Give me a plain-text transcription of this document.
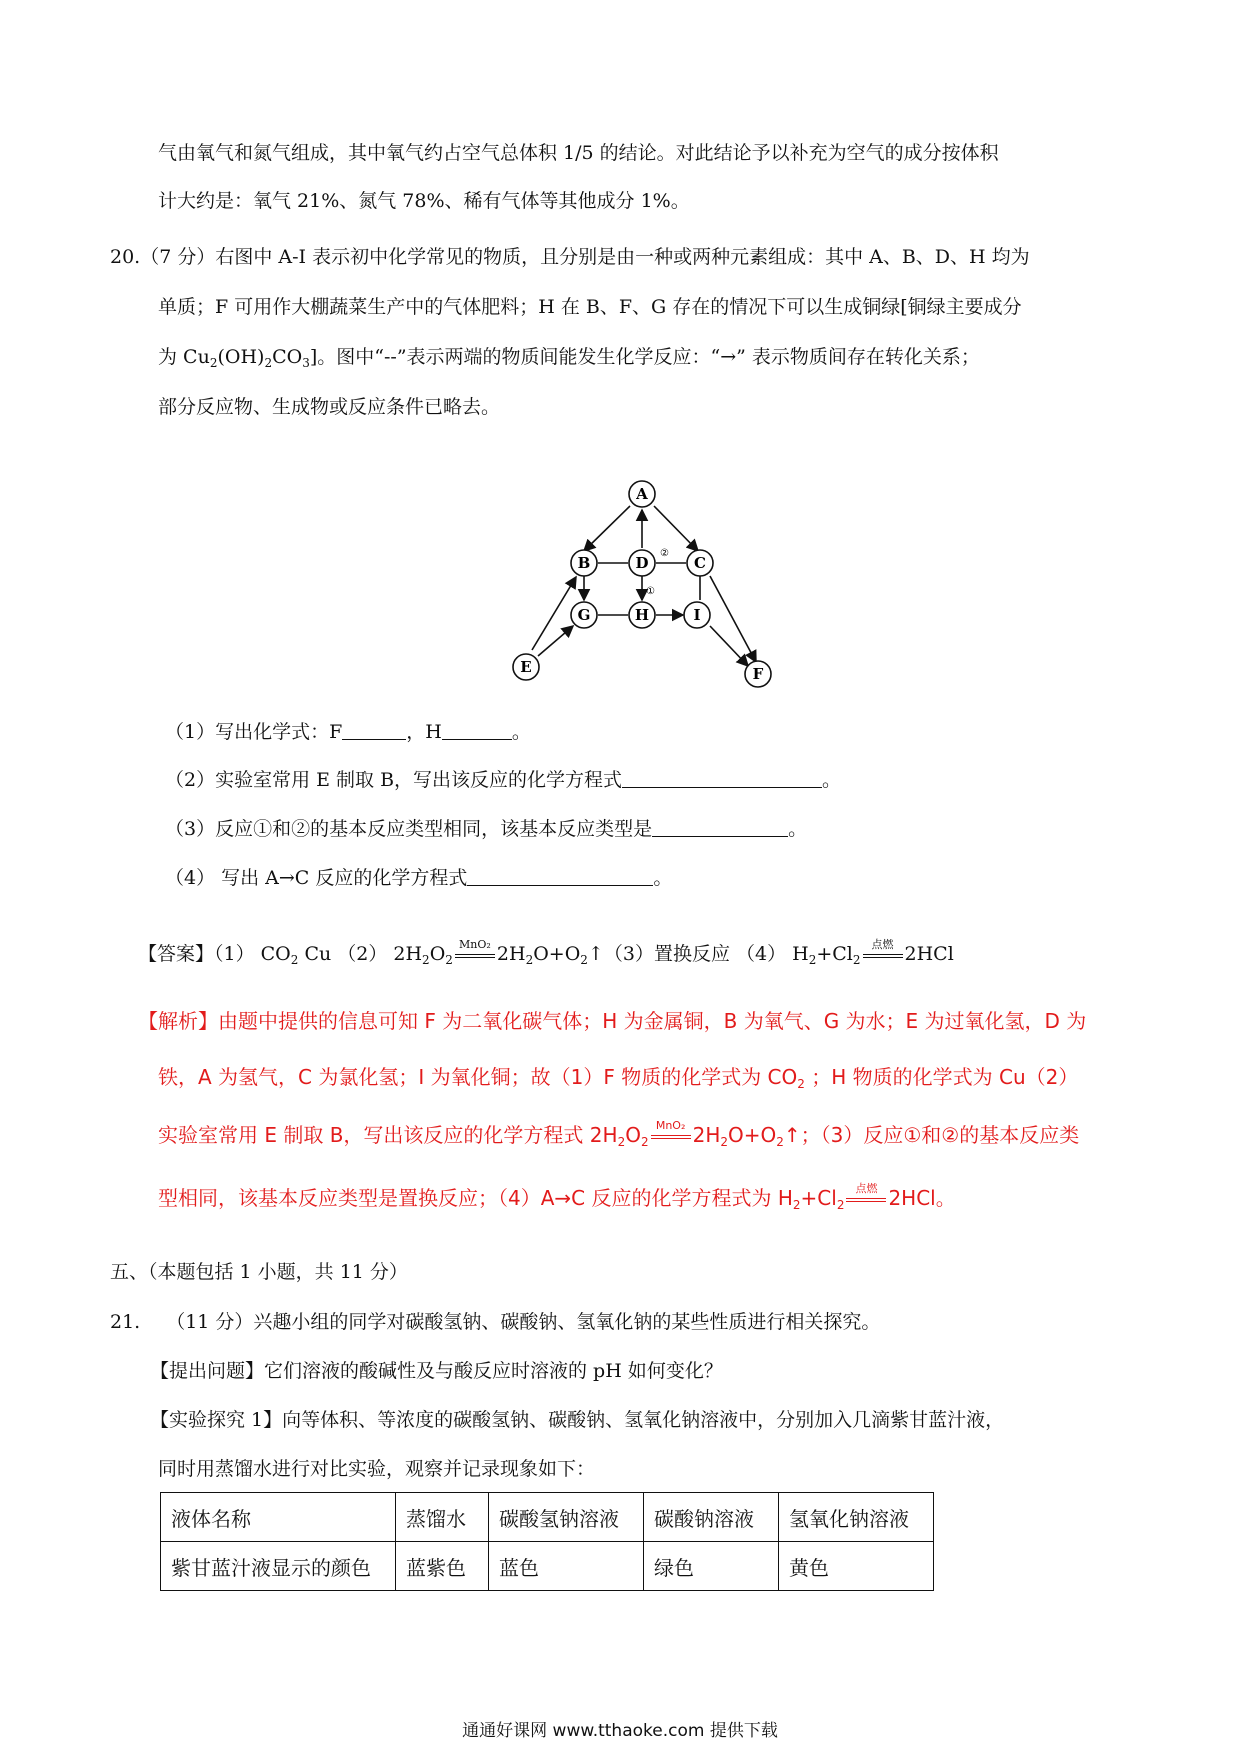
气由氧气和氮气组成，其中氧气约占空气总体积 1/5 的结论。对此结论予以补充为空气的成分按体积
计大约是：氧气 21%、氮气 78%、稀有气体等其他成分 1%。
20.（7 分）右图中 A-I 表示初中化学常见的物质，且分别是由一种或两种元素组成：其中 A、B、D、H 均为
单质；F 可用作大棚蔬菜生产中的气体肥料；H 在 B、F、G 存在的情况下可以生成铜绿[铜绿主要成分
为 $Cu_2(OH)_2CO_3$]。图中“--”表示两端的物质间能发生化学反应：“→” 表示物质间存在转化关系；
部分反应物、生成物或反应条件已略去。
A
B	C
D
E	F
G	H	I
②
①
（1）写出化学式：F	，H	。
（2）实验室常用 E 制取 B，写出该反应的化学方程式	。
（3）反应①和②的基本反应类型相同，该基本反应类型是	。
（4） 写出 A→C 反应的化学方程式	。
【答案】（1） $CO_2$ Cu （2） $2H_2O_2$
MnO₂ $2H_2O+O_2↑(3)$置换反应 （4） $H_2+Cl_2$
点燃 2HCl
【解析】由题中提供的信息可知 F 为二氧化碳气体；H 为金属铜，B 为氧气、G 为水；E 为过氧化氢，D 为
铁，A 为氢气，C 为氯化氢；I 为氧化铜；故（1）F 物质的化学式为 $CO_2$ ；H 物质的化学式为 Cu（2）
实验室常用 E 制取 B，写出该反应的化学方程式 $2H_2O_2$
MnO₂ $2H_2O+O_2↑$；（3）反应①和②的基本反应类
型相同，该基本反应类型是置换反应；（4）A→C 反应的化学方程式为 $H_2+Cl_2$
点燃 2HCl。
五、（本题包括 1 小题，共 11 分）
21. （11 分）兴趣小组的同学对碳酸氢钠、碳酸钠、氢氧化钠的某些性质进行相关探究。
【提出问题】它们溶液的酸碱性及与酸反应时溶液的 pH 如何变化？
【实验探究 1】向等体积、等浓度的碳酸氢钠、碳酸钠、氢氧化钠溶液中，分别加入几滴紫甘蓝汁液，
同时用蒸馏水进行对比实验，观察并记录现象如下：
液体名称	蒸馏水	碳酸氢钠溶液	碳酸钠溶液	氢氧化钠溶液
紫甘蓝汁液显示的颜色	蓝紫色	蓝色	绿色	黄色
通通好课网 www.tthaoke.com 提供下载
